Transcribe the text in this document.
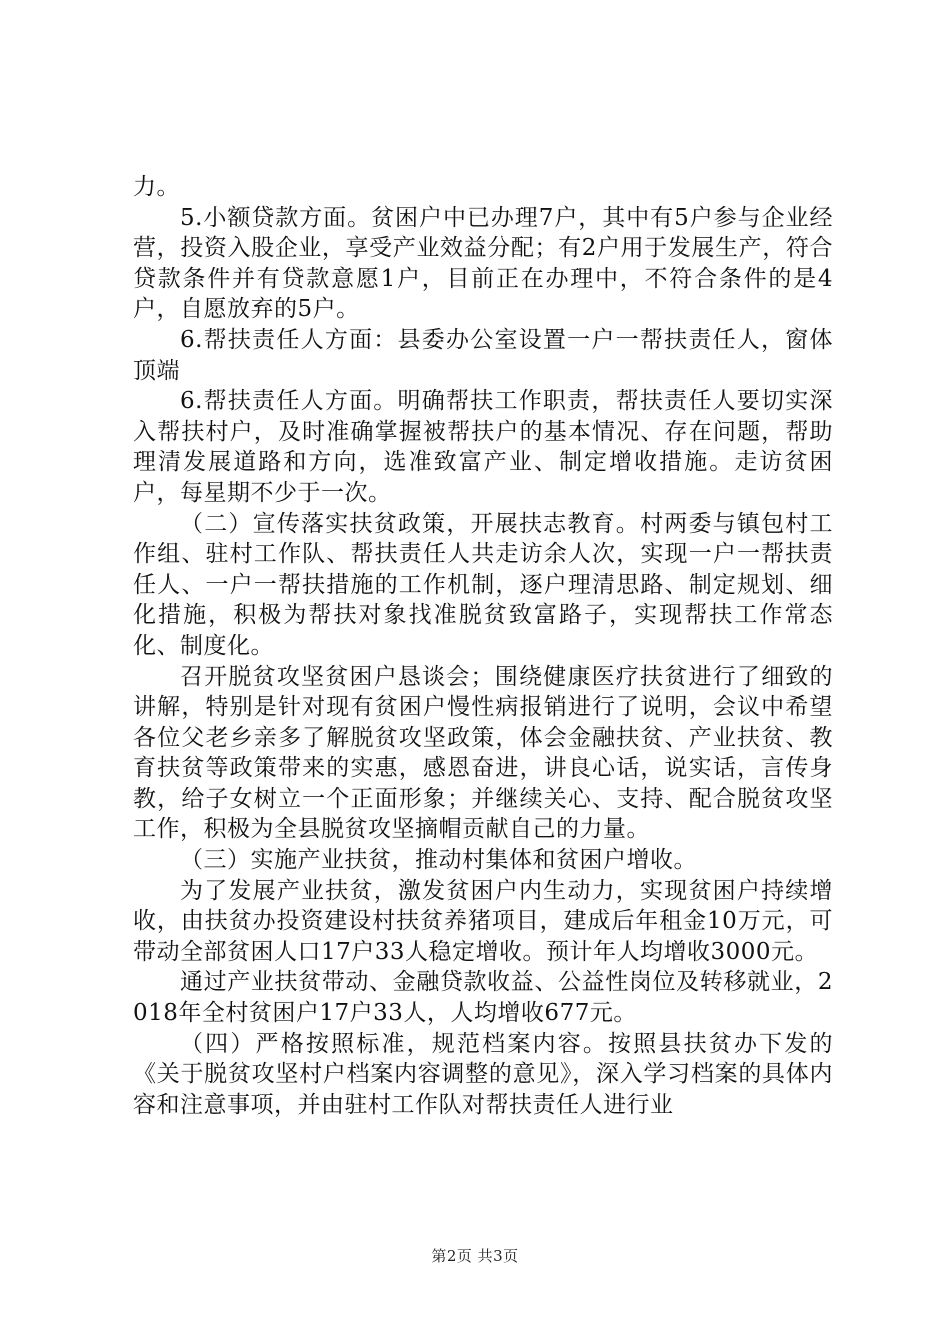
力。

5.小额贷款方面。贫困户中已办理7户，其中有5户参与企业经营，投资入股企业，享受产业效益分配；有2户用于发展生产，符合贷款条件并有贷款意愿1户，目前正在办理中，不符合条件的是4户，自愿放弃的5户。

6.帮扶责任人方面：县委办公室设置一户一帮扶责任人，窗体顶端

6.帮扶责任人方面。明确帮扶工作职责，帮扶责任人要切实深入帮扶村户，及时准确掌握被帮扶户的基本情况、存在问题，帮助理清发展道路和方向，选准致富产业、制定增收措施。走访贫困户，每星期不少于一次。

（二）宣传落实扶贫政策，开展扶志教育。村两委与镇包村工作组、驻村工作队、帮扶责任人共走访余人次，实现一户一帮扶责任人、一户一帮扶措施的工作机制，逐户理清思路、制定规划、细化措施，积极为帮扶对象找准脱贫致富路子，实现帮扶工作常态化、制度化。

召开脱贫攻坚贫困户恳谈会；围绕健康医疗扶贫进行了细致的讲解，特别是针对现有贫困户慢性病报销进行了说明，会议中希望各位父老乡亲多了解脱贫攻坚政策，体会金融扶贫、产业扶贫、教育扶贫等政策带来的实惠，感恩奋进，讲良心话，说实话，言传身教，给子女树立一个正面形象；并继续关心、支持、配合脱贫攻坚工作，积极为全县脱贫攻坚摘帽贡献自己的力量。

（三）实施产业扶贫，推动村集体和贫困户增收。

为了发展产业扶贫，激发贫困户内生动力，实现贫困户持续增收，由扶贫办投资建设村扶贫养猪项目，建成后年租金10万元，可带动全部贫困人口17户33人稳定增收。预计年人均增收3000元。

通过产业扶贫带动、金融贷款收益、公益性岗位及转移就业，2018年全村贫困户17户33人，人均增收677元。

（四）严格按照标准，规范档案内容。按照县扶贫办下发的《关于脱贫攻坚村户档案内容调整的意见》，深入学习档案的具体内容和注意事项，并由驻村工作队对帮扶责任人进行业

第2页 共3页
